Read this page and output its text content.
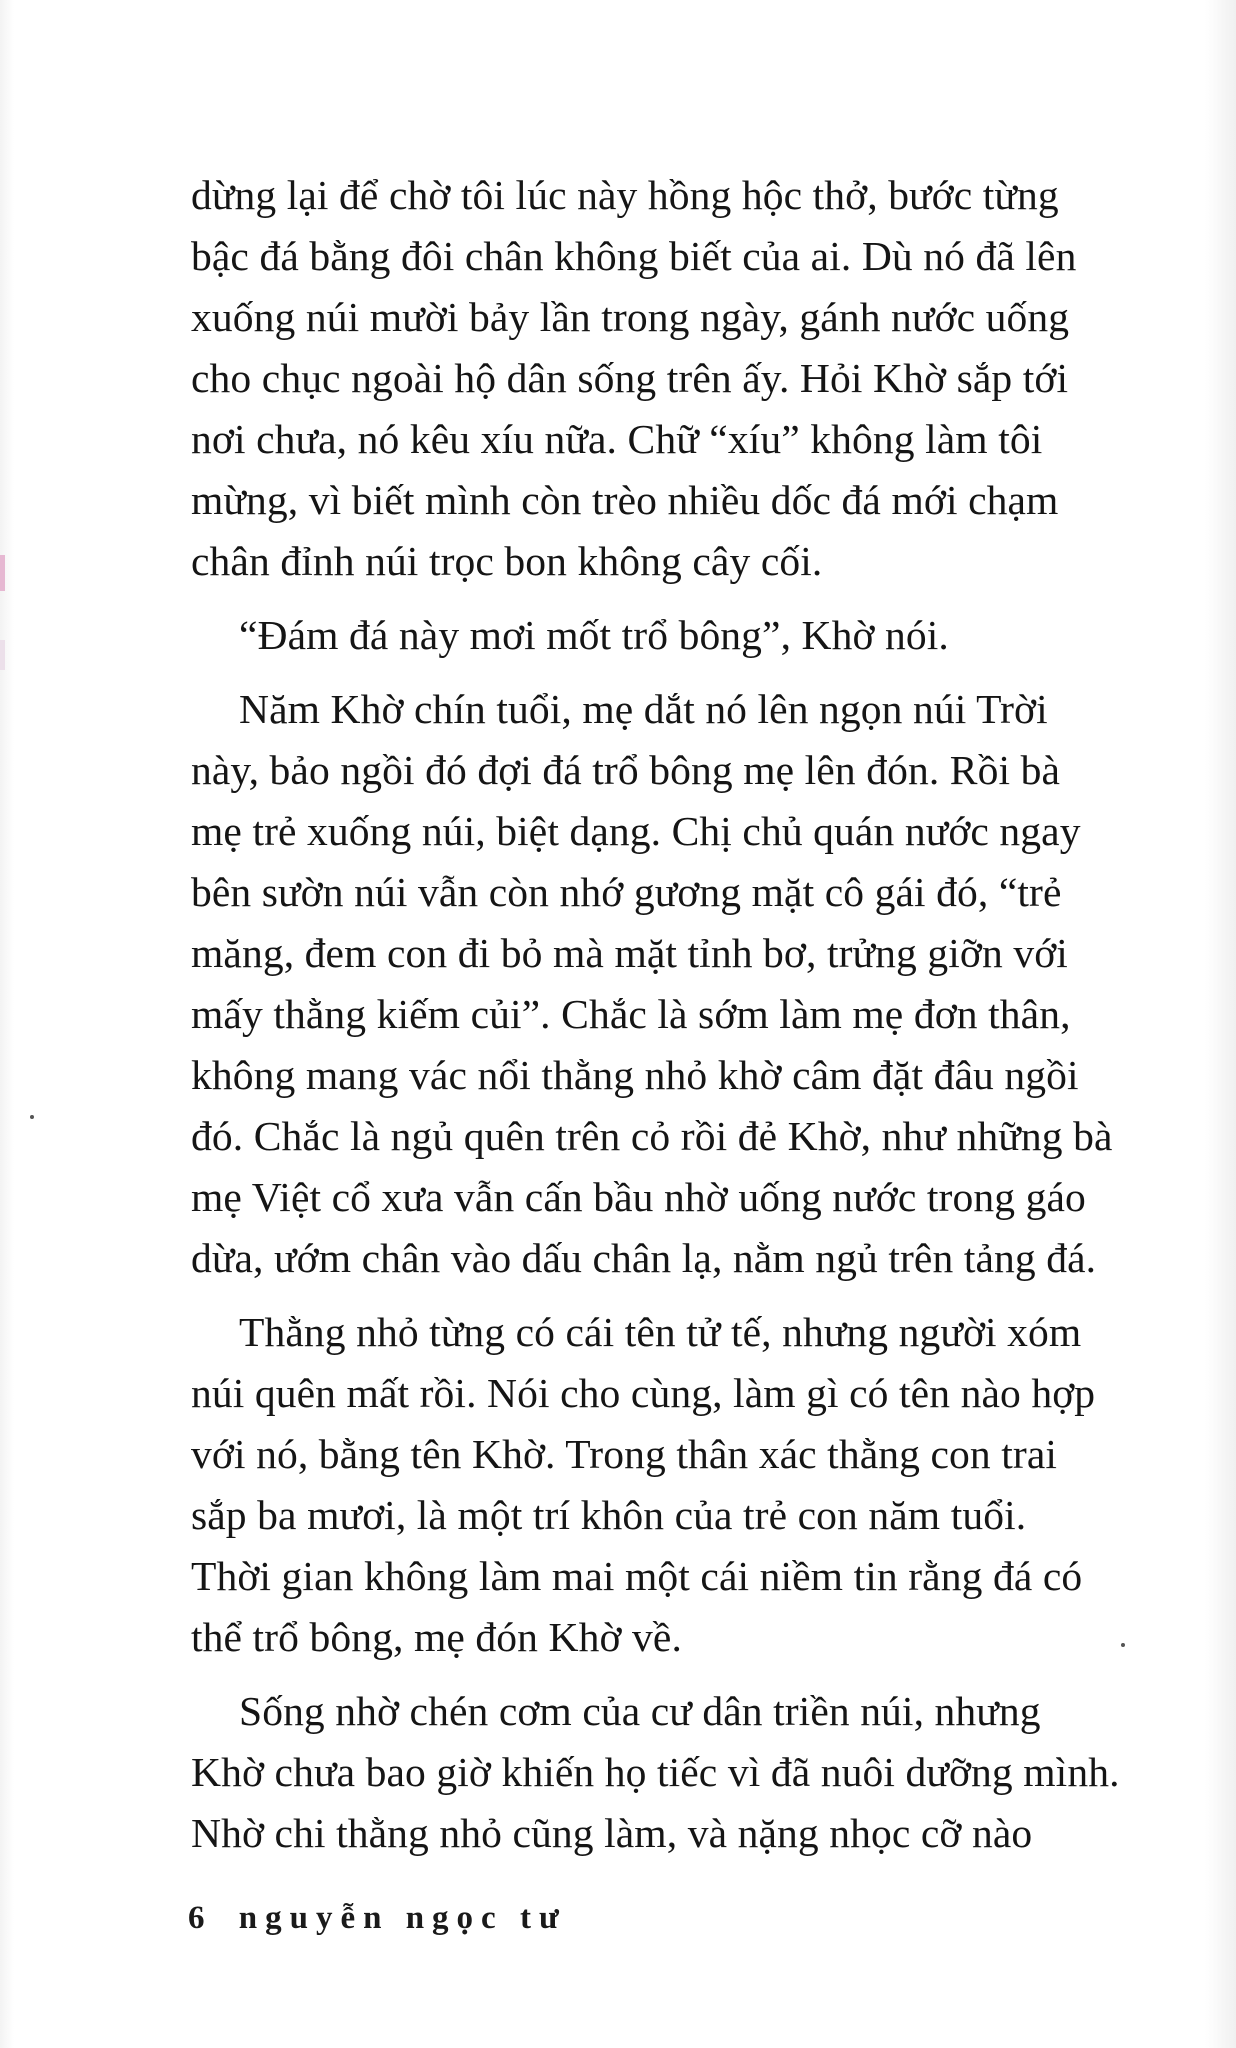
dừng lại để chờ tôi lúc này hồng hộc thở, bước từng
bậc đá bằng đôi chân không biết của ai. Dù nó đã lên
xuống núi mười bảy lần trong ngày, gánh nước uống
cho chục ngoài hộ dân sống trên ấy. Hỏi Khờ sắp tới
nơi chưa, nó kêu xíu nữa. Chữ “xíu” không làm tôi
mừng, vì biết mình còn trèo nhiều dốc đá mới chạm
chân đỉnh núi trọc bon không cây cối.
“Đám đá này mơi mốt trổ bông”, Khờ nói.
Năm Khờ chín tuổi, mẹ dắt nó lên ngọn núi Trời
này, bảo ngồi đó đợi đá trổ bông mẹ lên đón. Rồi bà
mẹ trẻ xuống núi, biệt dạng. Chị chủ quán nước ngay
bên sườn núi vẫn còn nhớ gương mặt cô gái đó, “trẻ
măng, đem con đi bỏ mà mặt tỉnh bơ, trửng giỡn với
mấy thằng kiếm củi”. Chắc là sớm làm mẹ đơn thân,
không mang vác nổi thằng nhỏ khờ câm đặt đâu ngồi
đó. Chắc là ngủ quên trên cỏ rồi đẻ Khờ, như những bà
mẹ Việt cổ xưa vẫn cấn bầu nhờ uống nước trong gáo
dừa, ướm chân vào dấu chân lạ, nằm ngủ trên tảng đá.
Thằng nhỏ từng có cái tên tử tế, nhưng người xóm
núi quên mất rồi. Nói cho cùng, làm gì có tên nào hợp
với nó, bằng tên Khờ. Trong thân xác thằng con trai
sắp ba mươi, là một trí khôn của trẻ con năm tuổi.
Thời gian không làm mai một cái niềm tin rằng đá có
thể trổ bông, mẹ đón Khờ về.
Sống nhờ chén cơm của cư dân triền núi, nhưng
Khờ chưa bao giờ khiến họ tiếc vì đã nuôi dưỡng mình.
Nhờ chi thằng nhỏ cũng làm, và nặng nhọc cỡ nào
6 nguyễn ngọc tư
